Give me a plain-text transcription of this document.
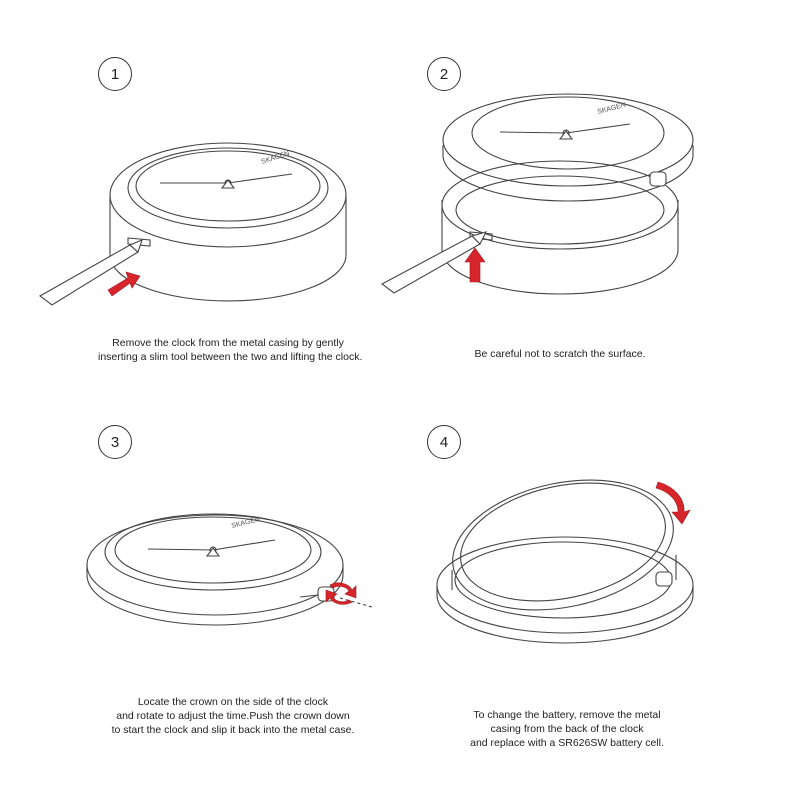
1
SKAGEN
Remove the clock from the metal casing by gently
inserting a slim tool between the two and lifting the clock.
2
SKAGEN
Be careful not to scratch the surface.
3
SKAGEN
Locate the crown on the side of the clock
and rotate to adjust the time.Push the crown down
to start the clock and slip it back into the metal case.
4
To change the battery, remove the metal
casing from the back of the clock
and replace with a SR626SW battery cell.
